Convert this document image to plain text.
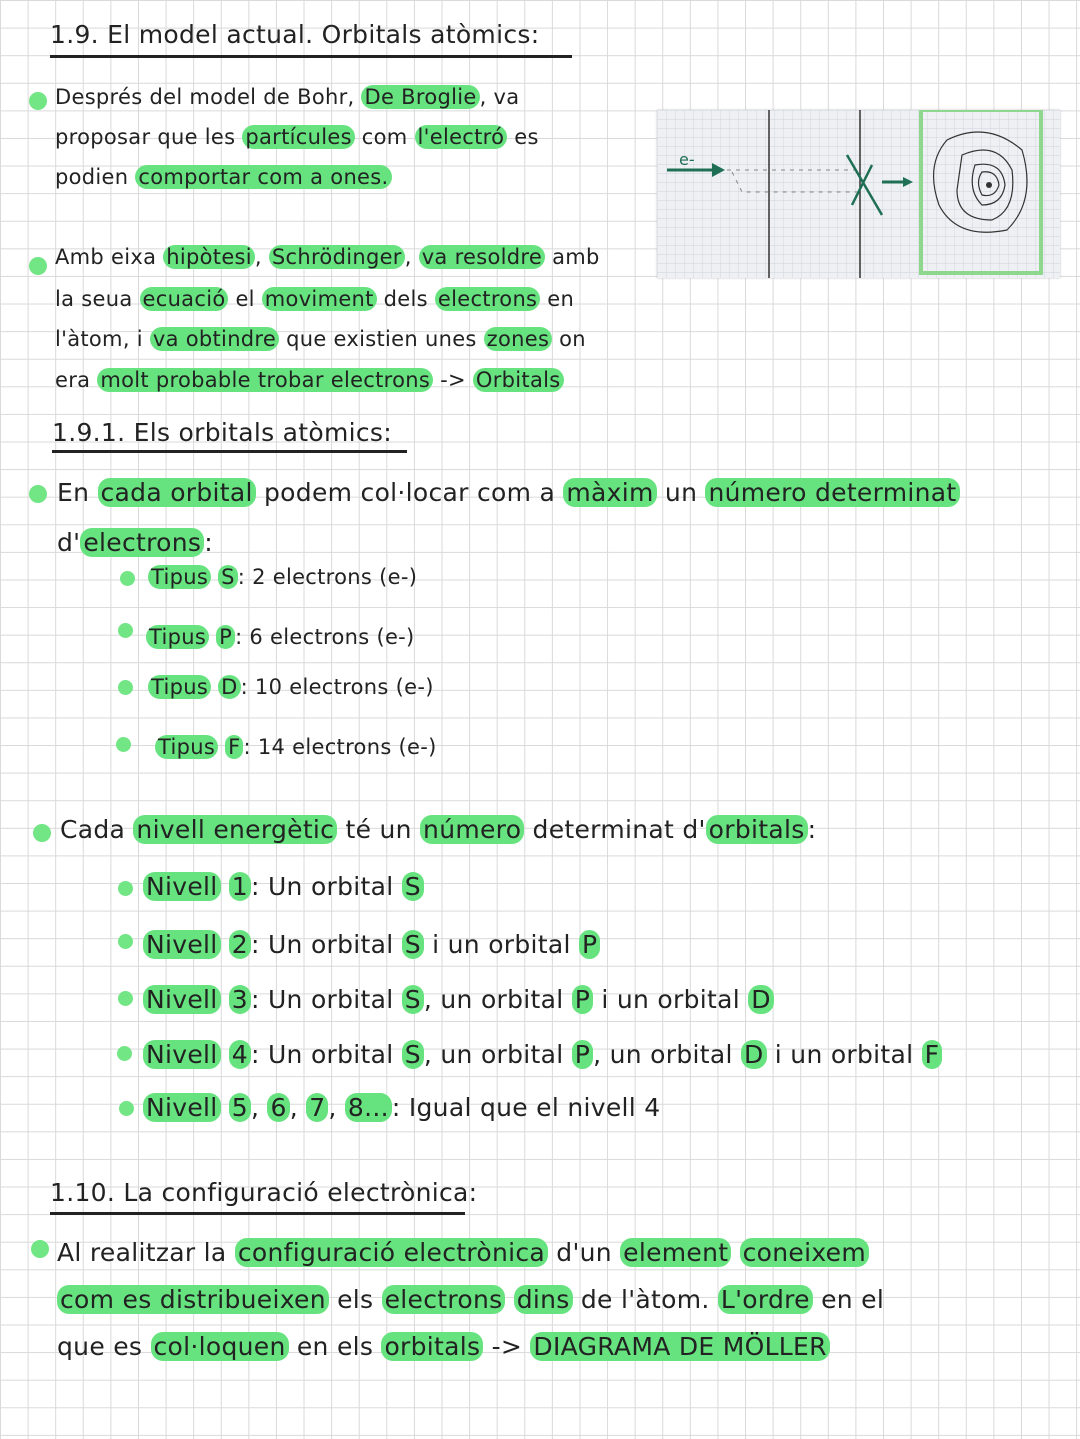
1.9. El model actual. Orbitals atòmics:
1.9.1. Els orbitals atòmics:
1.10. La configuració electrònica:
e-
Després del model de Bohr, De Broglie , va
proposar que les partícules com l'electró es
podien comportar com a ones.
Amb eixa hipòtesi , Schrödinger , va resoldre amb
la seua ecuació el moviment dels electrons en
l'àtom, i va obtindre que existien unes zones on
era molt probable trobar electrons -> Orbitals
En cada orbital podem col·locar com a màxim un número determinat
d' electrons :
Tipus S : 2 electrons (e-)
Tipus P : 6 electrons (e-)
Tipus D : 10 electrons (e-)
Tipus F : 14 electrons (e-)
Cada nivell energètic té un número determinat d' orbitals :
Nivell 1 : Un orbital S
Nivell 2 : Un orbital S i un orbital P
Nivell 3 : Un orbital S , un orbital P i un orbital D
Nivell 4 : Un orbital S , un orbital P , un orbital D i un orbital F
Nivell 5 , 6 , 7 , 8... : Igual que el nivell 4
Al realitzar la configuració electrònica d'un element coneixem
com es distribueixen els electrons dins de l'àtom. L'ordre en el
que es col·loquen en els orbitals -> DIAGRAMA DE MÖLLER
